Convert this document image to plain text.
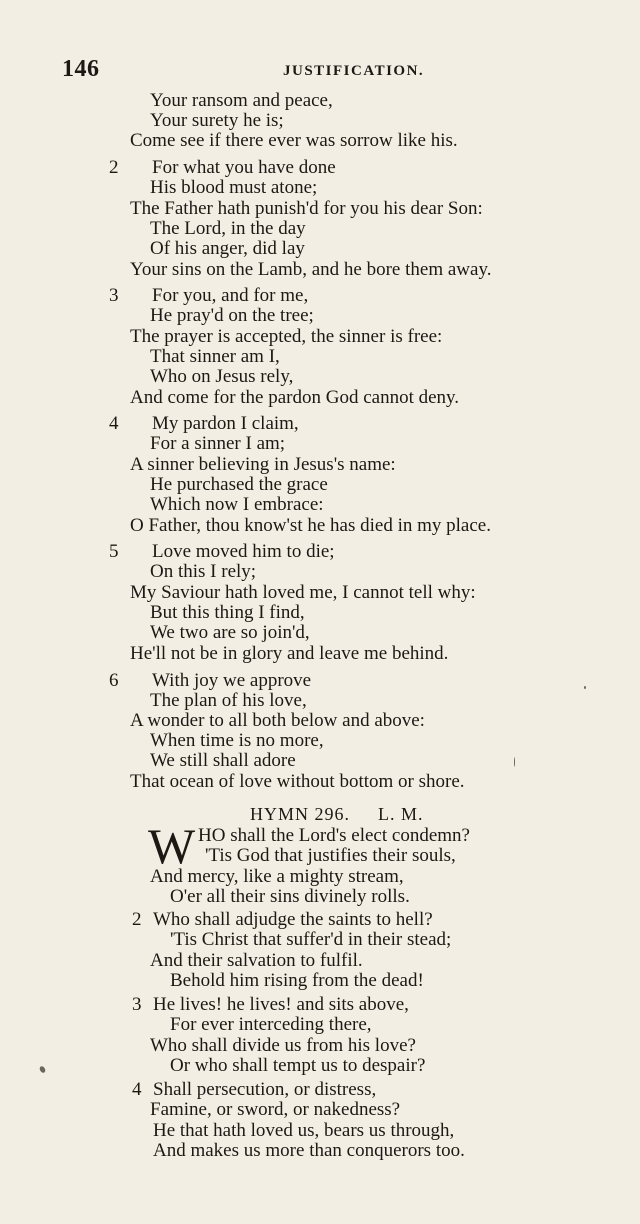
146	JUSTIFICATION.
Your ransom and peace,
Your surety he is;
Come see if there ever was sorrow like his.
2 For what you have done
His blood must atone;
The Father hath punish'd for you his dear Son:
The Lord, in the day
Of his anger, did lay
Your sins on the Lamb, and he bore them away.
3 For you, and for me,
He pray'd on the tree;
The prayer is accepted, the sinner is free:
That sinner am I,
Who on Jesus rely,
And come for the pardon God cannot deny.
4 My pardon I claim,
For a sinner I am;
A sinner believing in Jesus's name:
He purchased the grace
Which now I embrace:
O Father, thou know'st he has died in my place.
5 Love moved him to die;
On this I rely;
My Saviour hath loved me, I cannot tell why:
But this thing I find,
We two are so join'd,
He'll not be in glory and leave me behind.
6 With joy we approve
The plan of his love,
A wonder to all both below and above:
When time is no more,
We still shall adore
That ocean of love without bottom or shore.
HYMN 296. L. M.
W HO shall the Lord's elect condemn?
'Tis God that justifies their souls,
And mercy, like a mighty stream,
O'er all their sins divinely rolls.
2 Who shall adjudge the saints to hell?
'Tis Christ that suffer'd in their stead;
And their salvation to fulfil.
Behold him rising from the dead!
3 He lives! he lives! and sits above,
For ever interceding there,
Who shall divide us from his love?
Or who shall tempt us to despair?
4 Shall persecution, or distress,
Famine, or sword, or nakedness?
He that hath loved us, bears us through,
And makes us more than conquerors too.
